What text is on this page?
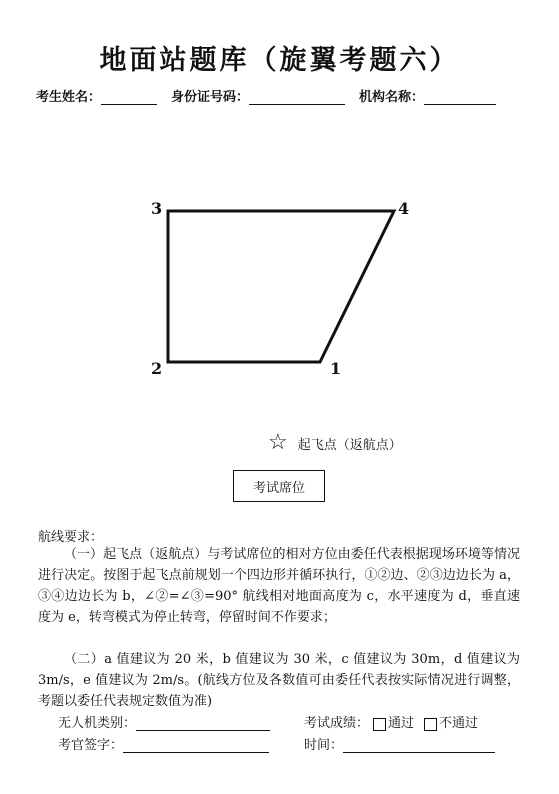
地面站题库（旋翼考题六）
考生姓名：	身份证号码：	机构名称：
1
2
3	4
☆ 起飞点（返航点）
考试席位
航线要求：
（一）起飞点（返航点）与考试席位的相对方位由委任代表根据现场环境等情况进行决定。按图于起飞点前规划一个四边形并循环执行，①②边、②③边边长为 a，③④边边长为 b，∠②=∠③=90° 航线相对地面高度为 c，水平速度为 d，垂直速度为 e，转弯模式为停止转弯，停留时间不作要求；
（二）a 值建议为 20 米，b 值建议为 30 米，c 值建议为 30m，d 值建议为 3m/s，e 值建议为 2m/s。(航线方位及各数值可由委任代表按实际情况进行调整，考题以委任代表规定数值为准)
无人机类别：	考试成绩： 通过 不通过
考官签字：	时间：
